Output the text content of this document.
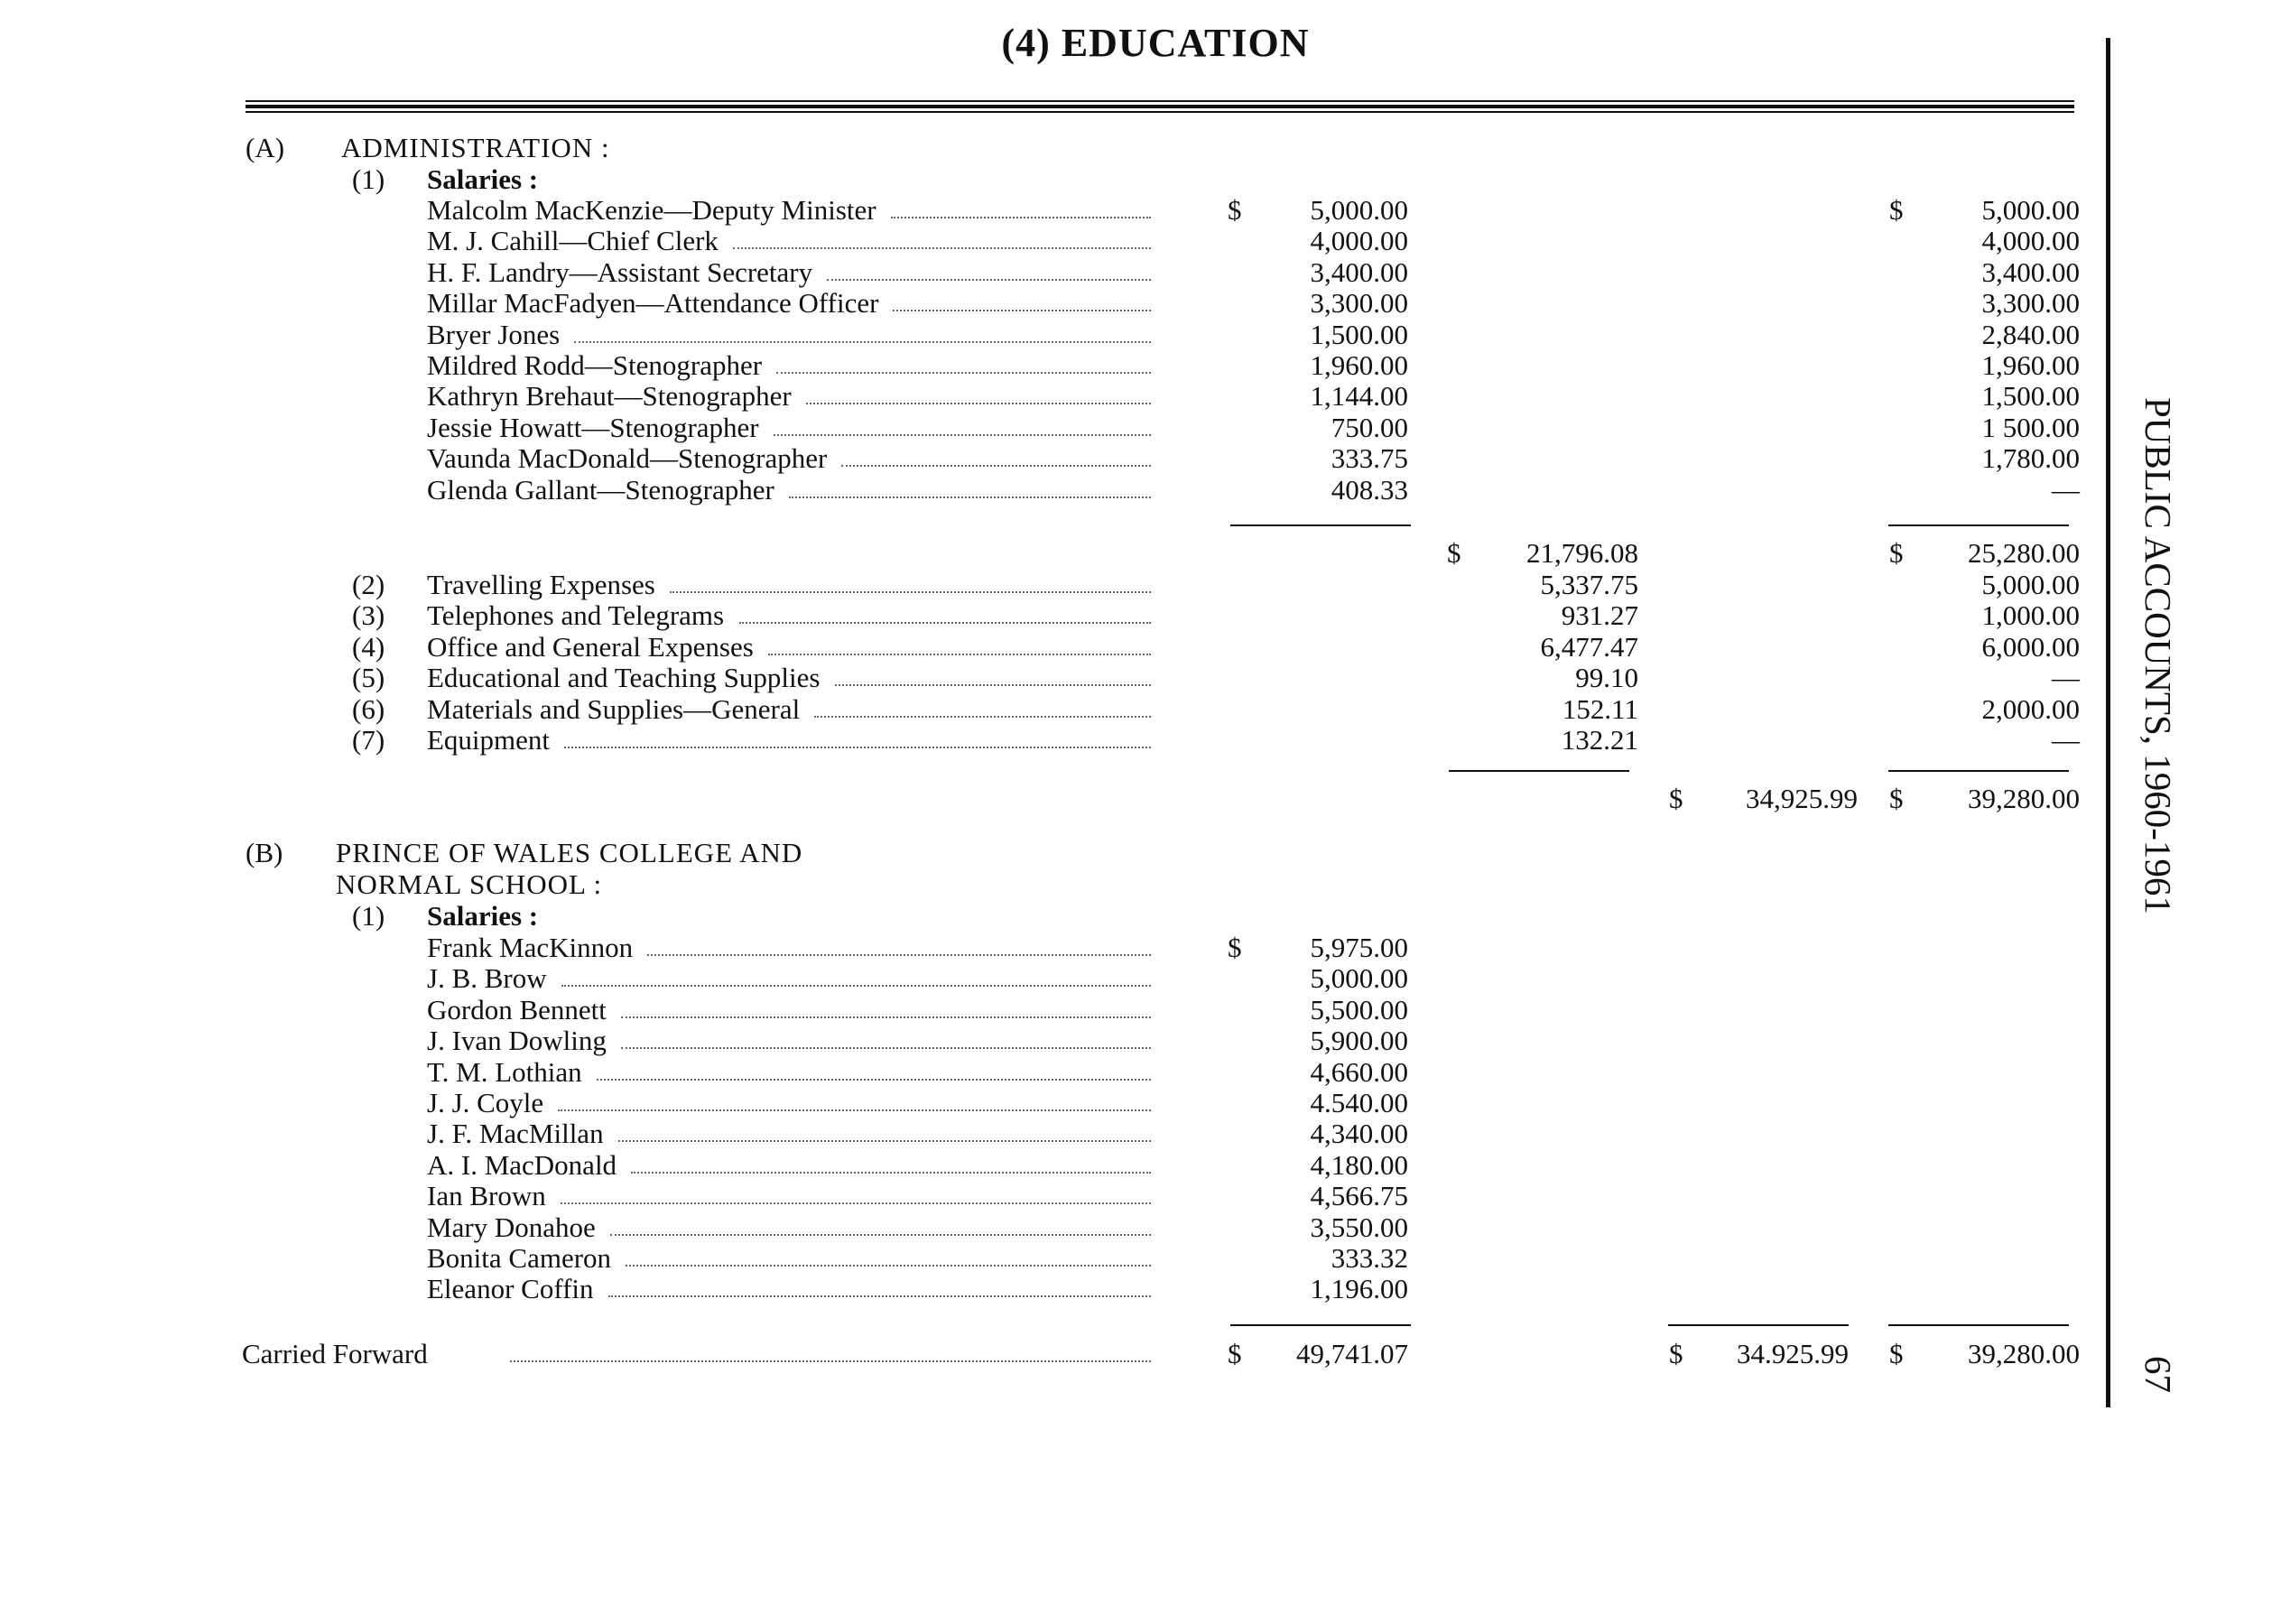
(4) EDUCATION
PUBLIC ACCOUNTS, 1960-1961
67
(A) ADMINISTRATION :
(1) Salaries :
Malcolm MacKenzie—Deputy Minister	$	5,000.00	$	5,000.00
M. J. Cahill—Chief Clerk	4,000.00	4,000.00
H. F. Landry—Assistant Secretary	3,400.00	3,400.00
Millar MacFadyen—Attendance Officer	3,300.00	3,300.00
Bryer Jones	1,500.00	2,840.00
Mildred Rodd—Stenographer	1,960.00	1,960.00
Kathryn Brehaut—Stenographer	1,144.00	1,500.00
Jessie Howatt—Stenographer	750.00	1 500.00
Vaunda MacDonald—Stenographer	333.75	1,780.00
Glenda Gallant—Stenographer	408.33	—
$	21,796.08	$	25,280.00
(2) Travelling Expenses	5,337.75	5,000.00
(3) Telephones and Telegrams	931.27	1,000.00
(4) Office and General Expenses	6,477.47	6,000.00
(5) Educational and Teaching Supplies	99.10	—
(6) Materials and Supplies—General	152.11	2,000.00
(7) Equipment	132.21	—
$	34,925.99 $	39,280.00
(B) PRINCE OF WALES COLLEGE AND
NORMAL SCHOOL :
(1) Salaries :
Frank MacKinnon	$	5,975.00
J. B. Brow	5,000.00
Gordon Bennett	5,500.00
J. Ivan Dowling	5,900.00
T. M. Lothian	4,660.00
J. J. Coyle	4.540.00
J. F. MacMillan	4,340.00
A. I. MacDonald	4,180.00
Ian Brown	4,566.75
Mary Donahoe	3,550.00
Bonita Cameron	333.32
Eleanor Coffin	1,196.00
Carried Forward	$	49,741.07	$	34.925.99 $	39,280.00
